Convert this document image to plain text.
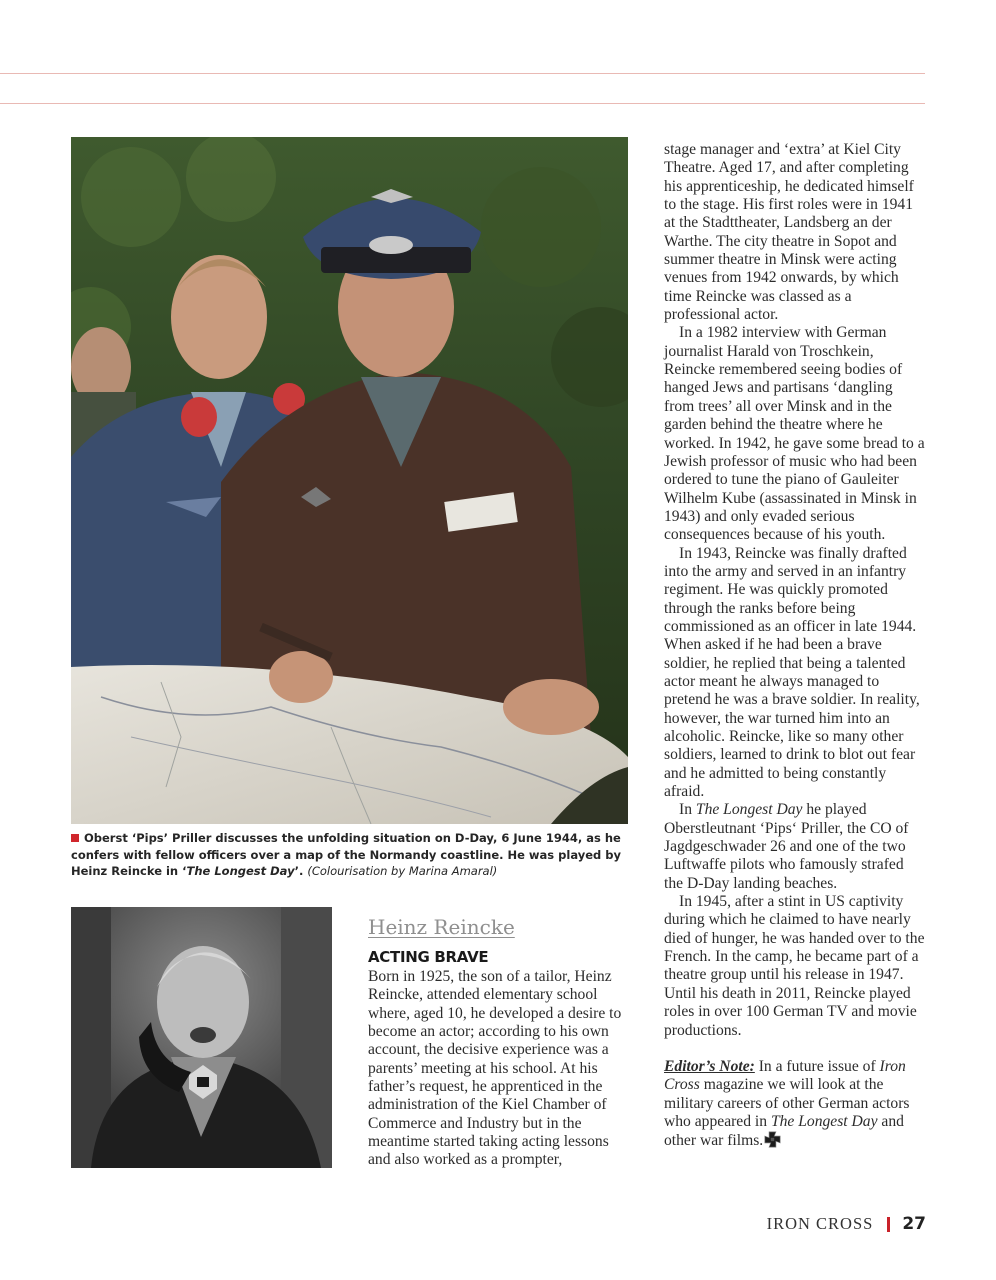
Oberst ‘Pips’ Priller discusses the unfolding situation on D-Day, 6 June 1944, as he confers with fellow officers over a map of the Normandy coastline. He was played by Heinz Reincke in ‘The Longest Day’. (Colourisation by Marina Amaral)
Heinz Reincke
ACTING BRAVE

Born in 1925, the son of a tailor, Heinz Reincke, attended elementary school where, aged 10, he developed a desire to become an actor; according to his own account, the decisive experience was a parents’ meeting at his school. At his father’s request, he apprenticed in the administration of the Kiel Chamber of Commerce and Industry but in the meantime started taking acting lessons and also worked as a prompter,

stage manager and ‘extra’ at Kiel City Theatre. Aged 17, and after completing his apprenticeship, he dedicated himself to the stage. His first roles were in 1941 at the Stadttheater, Landsberg an der Warthe. The city theatre in Sopot and summer theatre in Minsk were acting venues from 1942 onwards, by which time Reincke was classed as a professional actor.

In a 1982 interview with German journalist Harald von Troschkein, Reincke remembered seeing bodies of hanged Jews and partisans ‘dangling from trees’ all over Minsk and in the garden behind the theatre where he worked. In 1942, he gave some bread to a Jewish professor of music who had been ordered to tune the piano of Gauleiter Wilhelm Kube (assassinated in Minsk in 1943) and only evaded serious consequences because of his youth.

In 1943, Reincke was finally drafted into the army and served in an infantry regiment. He was quickly promoted through the ranks before being commissioned as an officer in late 1944. When asked if he had been a brave soldier, he replied that being a talented actor meant he always managed to pretend he was a brave soldier. In reality, however, the war turned him into an alcoholic. Reincke, like so many other soldiers, learned to drink to blot out fear and he admitted to being constantly afraid.

In The Longest Day he played Oberstleutnant ‘Pips‘ Priller, the CO of Jagdgeschwader 26 and one of the two Luftwaffe pilots who famously strafed the D-Day landing beaches.

In 1945, after a stint in US captivity during which he claimed to have nearly died of hunger, he was handed over to the French. In the camp, he became part of a theatre group until his release in 1947. Until his death in 2011, Reincke played roles in over 100 German TV and movie productions.

Editor’s Note: In a future issue of Iron Cross magazine we will look at the military careers of other German actors who appeared in The Longest Day and other war films.

IRON CROSS 27
